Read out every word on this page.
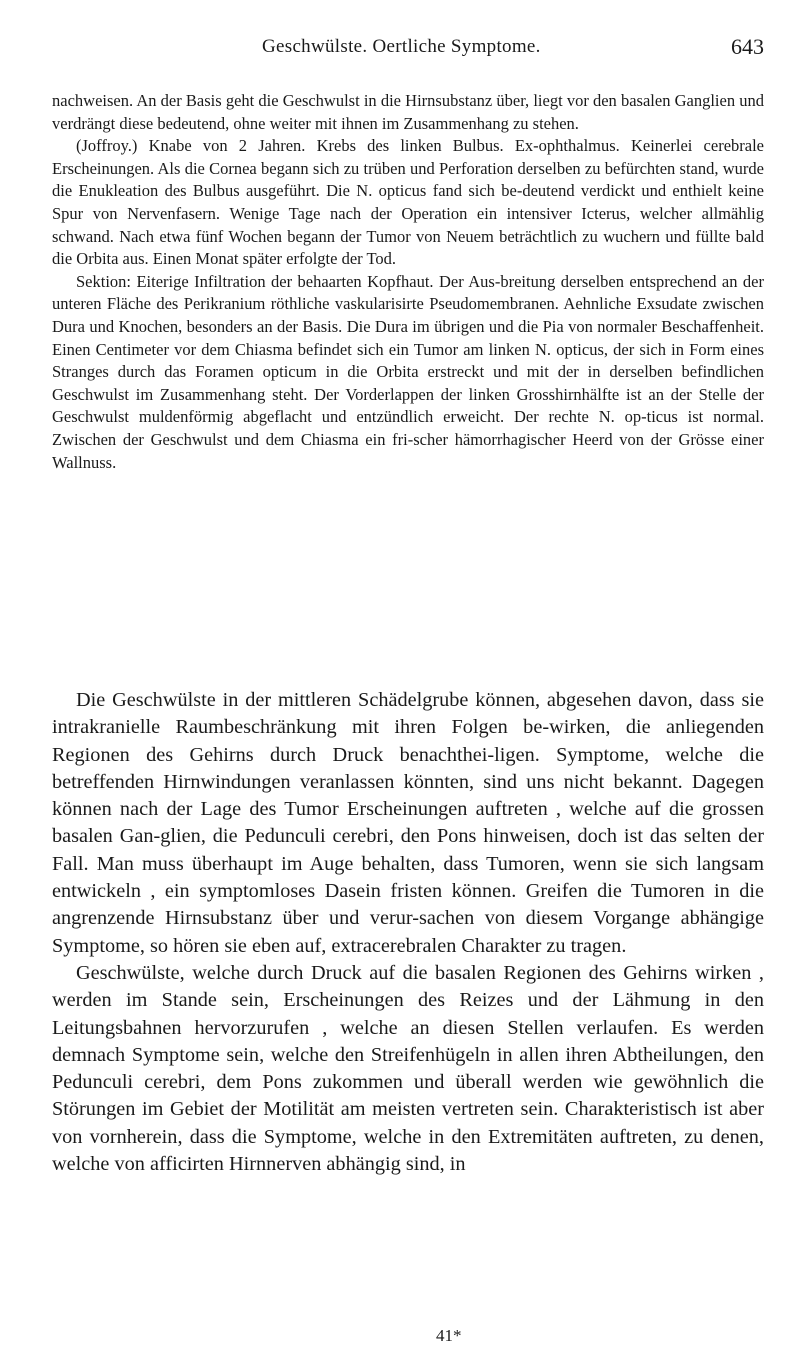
Geschwülste. Oertliche Symptome.	643

nachweisen. An der Basis geht die Geschwulst in die Hirnsubstanz über, liegt vor den basalen Ganglien und verdrängt diese bedeutend, ohne weiter mit ihnen im Zusammenhang zu stehen.

(Joffroy.) Knabe von 2 Jahren. Krebs des linken Bulbus. Ex-ophthalmus. Keinerlei cerebrale Erscheinungen. Als die Cornea begann sich zu trüben und Perforation derselben zu befürchten stand, wurde die Enukleation des Bulbus ausgeführt. Die N. opticus fand sich be-deutend verdickt und enthielt keine Spur von Nervenfasern. Wenige Tage nach der Operation ein intensiver Icterus, welcher allmählig schwand. Nach etwa fünf Wochen begann der Tumor von Neuem beträchtlich zu wuchern und füllte bald die Orbita aus. Einen Monat später erfolgte der Tod.

Sektion: Eiterige Infiltration der behaarten Kopfhaut. Der Aus-breitung derselben entsprechend an der unteren Fläche des Perikranium röthliche vaskularisirte Pseudomembranen. Aehnliche Exsudate zwischen Dura und Knochen, besonders an der Basis. Die Dura im übrigen und die Pia von normaler Beschaffenheit. Einen Centimeter vor dem Chiasma befindet sich ein Tumor am linken N. opticus, der sich in Form eines Stranges durch das Foramen opticum in die Orbita erstreckt und mit der in derselben befindlichen Geschwulst im Zusammenhang steht. Der Vorderlappen der linken Grosshirnhälfte ist an der Stelle der Geschwulst muldenförmig abgeflacht und entzündlich erweicht. Der rechte N. op-ticus ist normal. Zwischen der Geschwulst und dem Chiasma ein fri-scher hämorrhagischer Heerd von der Grösse einer Wallnuss.

Die Geschwülste in der mittleren Schädelgrube können, abgesehen davon, dass sie intrakranielle Raumbeschränkung mit ihren Folgen be-wirken, die anliegenden Regionen des Gehirns durch Druck benachthei-ligen. Symptome, welche die betreffenden Hirnwindungen veranlassen könnten, sind uns nicht bekannt. Dagegen können nach der Lage des Tumor Erscheinungen auftreten , welche auf die grossen basalen Gan-glien, die Pedunculi cerebri, den Pons hinweisen, doch ist das selten der Fall. Man muss überhaupt im Auge behalten, dass Tumoren, wenn sie sich langsam entwickeln , ein symptomloses Dasein fristen können. Greifen die Tumoren in die angrenzende Hirnsubstanz über und verur-sachen von diesem Vorgange abhängige Symptome, so hören sie eben auf, extracerebralen Charakter zu tragen.

Geschwülste, welche durch Druck auf die basalen Regionen des Gehirns wirken , werden im Stande sein, Erscheinungen des Reizes und der Lähmung in den Leitungsbahnen hervorzurufen , welche an diesen Stellen verlaufen. Es werden demnach Symptome sein, welche den Streifenhügeln in allen ihren Abtheilungen, den Pedunculi cerebri, dem Pons zukommen und überall werden wie gewöhnlich die Störungen im Gebiet der Motilität am meisten vertreten sein. Charakteristisch ist aber von vornherein, dass die Symptome, welche in den Extremitäten auftreten, zu denen, welche von afficirten Hirnnerven abhängig sind, in

41*
